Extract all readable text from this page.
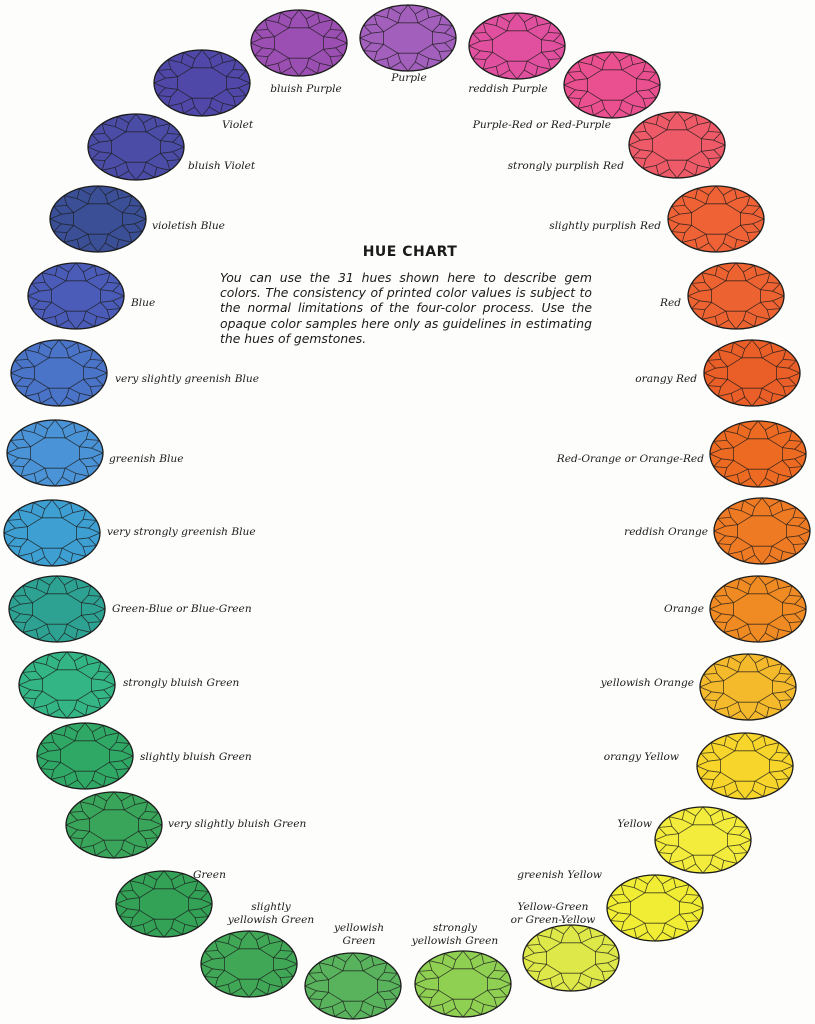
HUE CHART
You can use the 31 hues shown here to describe gem colors. The consistency of printed color values is subject to the normal limitations of the four-color process. Use the opaque color samples here only as guidelines in estimating the hues of gemstones.
Purple
reddish Purple
bluish Purple
Purple-Red or Red-Purple
strongly purplish Red
slightly purplish Red
Red
orangy Red
Red-Orange or Orange-Red
reddish Orange
Orange
yellowish Orange
orangy Yellow
Yellow
greenish Yellow
Yellow-Green
or Green-Yellow
strongly
yellowish Green
yellowish
Green
slightly
yellowish Green
Green
very slightly bluish Green
slightly bluish Green
strongly bluish Green
Green-Blue or Blue-Green
very strongly greenish Blue
greenish Blue
very slightly greenish Blue
Blue
violetish Blue
bluish Violet
Violet
